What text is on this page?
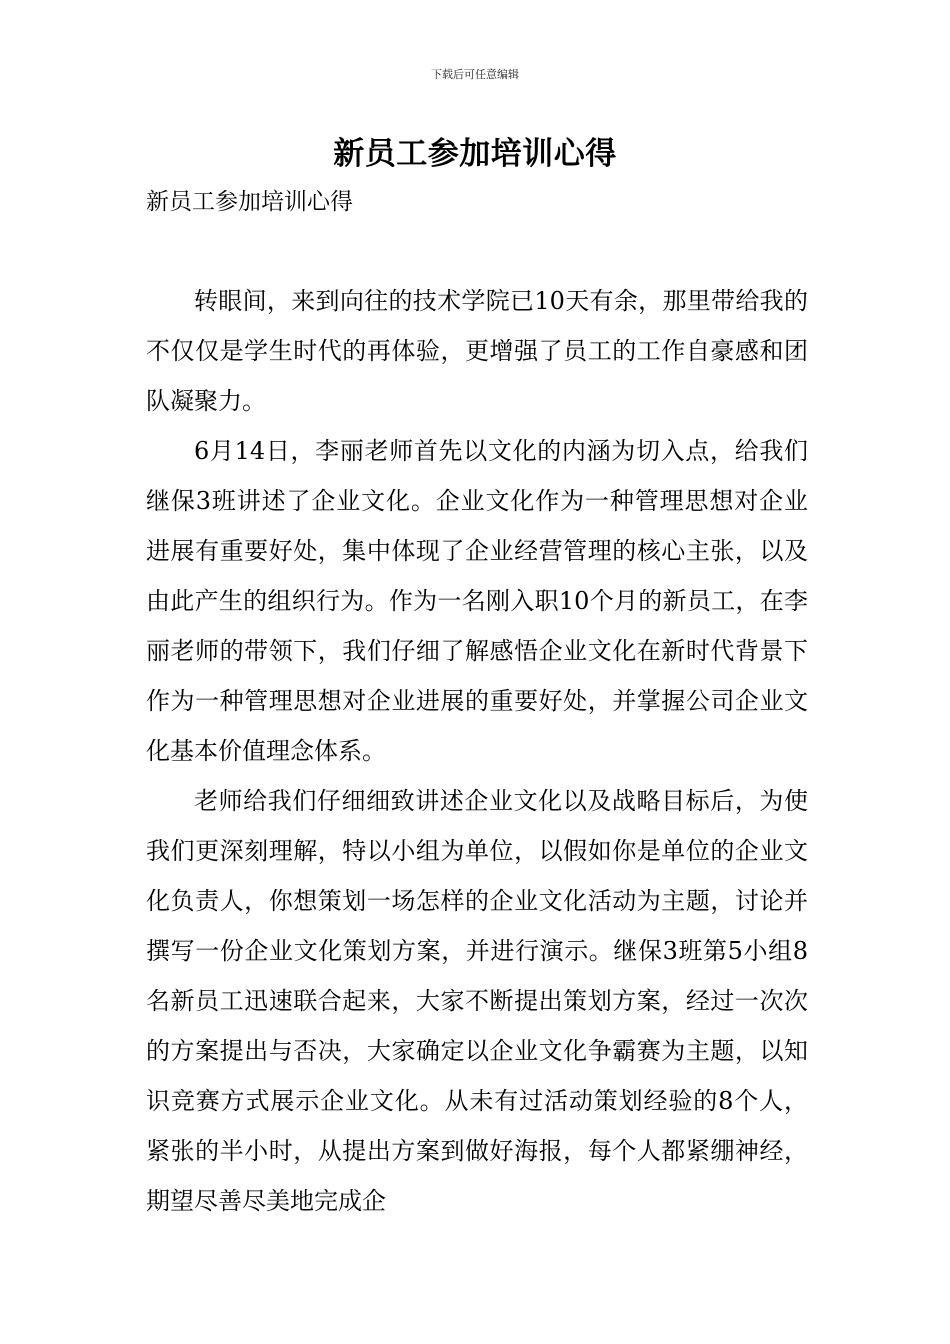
下载后可任意编辑
新员工参加培训心得
新员工参加培训心得

转眼间，来到向往的技术学院已10天有余，那里带给我的不仅仅是学生时代的再体验，更增强了员工的工作自豪感和团队凝聚力。

6月14日，李丽老师首先以文化的内涵为切入点，给我们继保3班讲述了企业文化。企业文化作为一种管理思想对企业进展有重要好处，集中体现了企业经营管理的核心主张，以及由此产生的组织行为。作为一名刚入职10个月的新员工，在李丽老师的带领下，我们仔细了解感悟企业文化在新时代背景下作为一种管理思想对企业进展的重要好处，并掌握公司企业文化基本价值理念体系。

老师给我们仔细细致讲述企业文化以及战略目标后，为使我们更深刻理解，特以小组为单位，以假如你是单位的企业文化负责人，你想策划一场怎样的企业文化活动为主题，讨论并撰写一份企业文化策划方案，并进行演示。继保3班第5小组8名新员工迅速联合起来，大家不断提出策划方案，经过一次次的方案提出与否决，大家确定以企业文化争霸赛为主题，以知识竞赛方式展示企业文化。从未有过活动策划经验的8个人，紧张的半小时，从提出方案到做好海报，每个人都紧绷神经，期望尽善尽美地完成企
